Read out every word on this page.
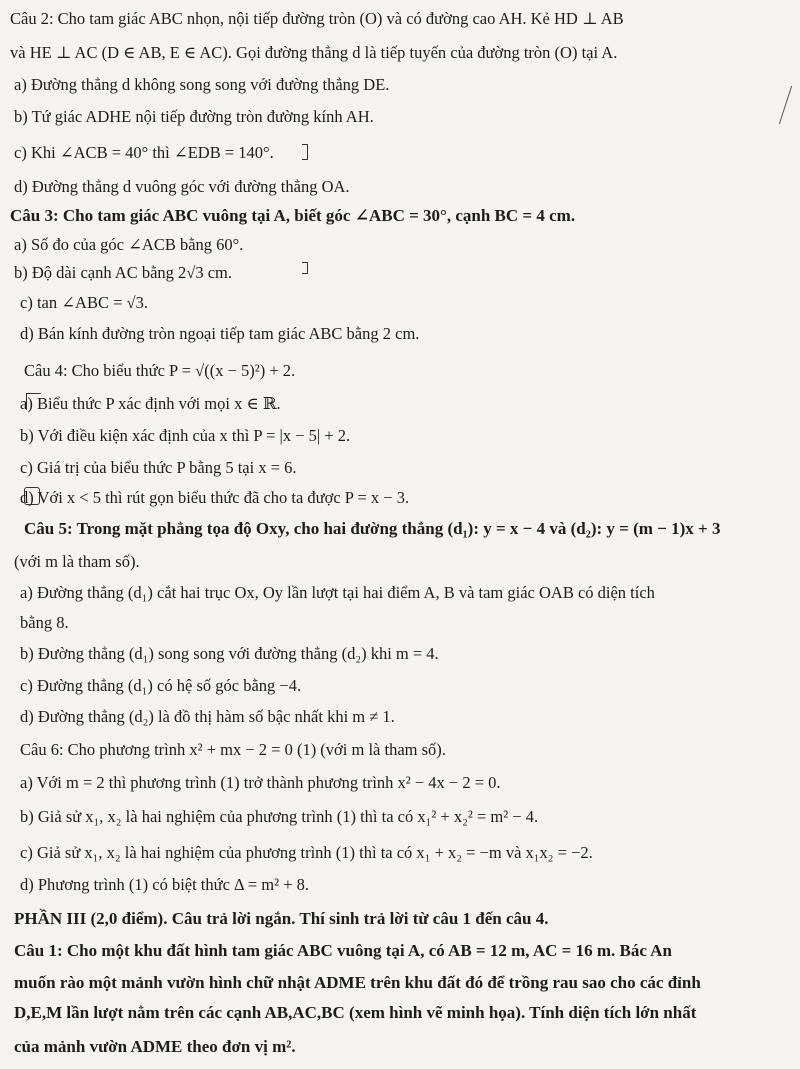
Câu 2: Cho tam giác ABC nhọn, nội tiếp đường tròn (O) và có đường cao AH. Kẻ HD ⊥ AB
và HE ⊥ AC (D ∈ AB, E ∈ AC). Gọi đường thẳng d là tiếp tuyến của đường tròn (O) tại A.
a) Đường thẳng d không song song với đường thẳng DE.
b) Tứ giác ADHE nội tiếp đường tròn đường kính AH.
c) Khi ∠ACB = 40° thì ∠EDB = 140°.
d) Đường thẳng d vuông góc với đường thẳng OA.
Câu 3: Cho tam giác ABC vuông tại A, biết góc ∠ABC = 30°, cạnh BC = 4 cm.
a) Số đo của góc ∠ACB bằng 60°.
b) Độ dài cạnh AC bằng 2√3 cm.
c) tan ∠ABC = √3.
d) Bán kính đường tròn ngoại tiếp tam giác ABC bằng 2 cm.
Câu 4: Cho biểu thức P = √((x − 5)²) + 2.
a) Biểu thức P xác định với mọi x ∈ ℝ.
b) Với điều kiện xác định của x thì P = |x − 5| + 2.
c) Giá trị của biểu thức P bằng 5 tại x = 6.
d) Với x < 5 thì rút gọn biểu thức đã cho ta được P = x − 3.
Câu 5: Trong mặt phẳng tọa độ Oxy, cho hai đường thẳng (d₁): y = x − 4 và (d₂): y = (m − 1)x + 3
(với m là tham số).
a) Đường thẳng (d₁) cắt hai trục Ox, Oy lần lượt tại hai điểm A, B và tam giác OAB có diện tích
bằng 8.
b) Đường thẳng (d₁) song song với đường thẳng (d₂) khi m = 4.
c) Đường thẳng (d₁) có hệ số góc bằng −4.
d) Đường thẳng (d₂) là đồ thị hàm số bậc nhất khi m ≠ 1.
Câu 6: Cho phương trình x² + mx − 2 = 0 (1) (với m là tham số).
a) Với m = 2 thì phương trình (1) trở thành phương trình x² − 4x − 2 = 0.
b) Giả sử x₁, x₂ là hai nghiệm của phương trình (1) thì ta có x₁² + x₂² = m² − 4.
c) Giả sử x₁, x₂ là hai nghiệm của phương trình (1) thì ta có x₁ + x₂ = −m và x₁x₂ = −2.
d) Phương trình (1) có biệt thức Δ = m² + 8.
PHẦN III (2,0 điểm). Câu trả lời ngắn. Thí sinh trả lời từ câu 1 đến câu 4.
Câu 1: Cho một khu đất hình tam giác ABC vuông tại A, có AB = 12 m, AC = 16 m. Bác An
muốn rào một mảnh vườn hình chữ nhật ADME trên khu đất đó để trồng rau sao cho các đỉnh
D,E,M lần lượt nằm trên các cạnh AB,AC,BC (xem hình vẽ minh họa). Tính diện tích lớn nhất
của mảnh vườn ADME theo đơn vị m².
